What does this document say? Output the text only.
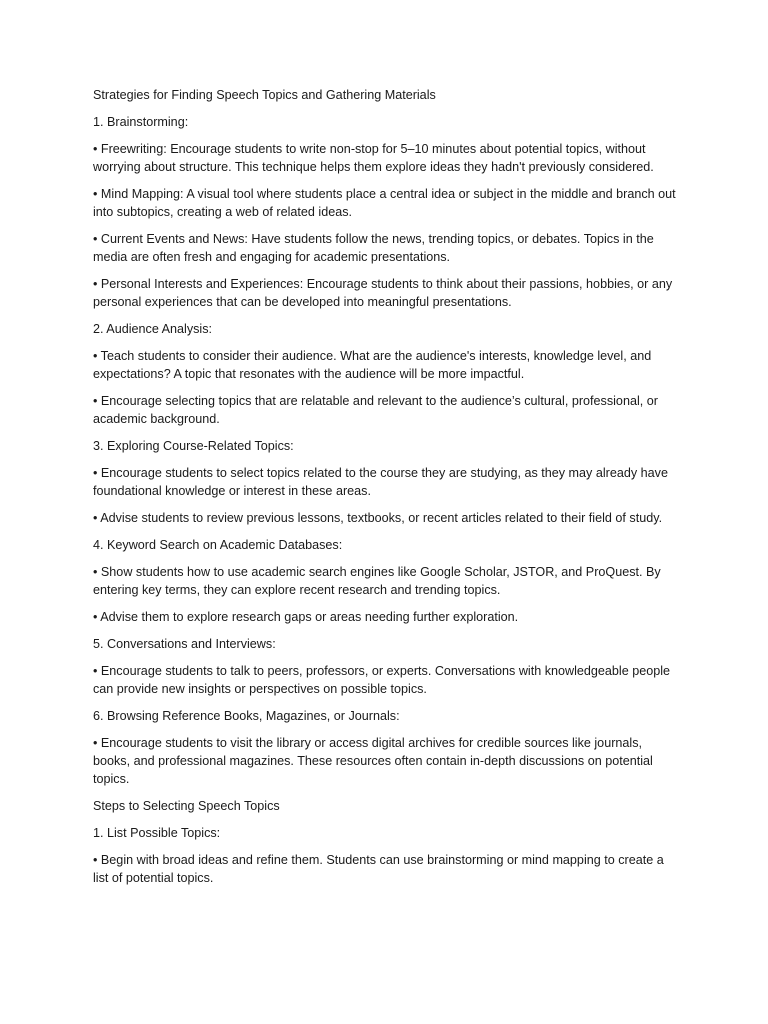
Strategies for Finding Speech Topics and Gathering Materials

1. Brainstorming:

• Freewriting: Encourage students to write non-stop for 5–10 minutes about potential topics, without worrying about structure. This technique helps them explore ideas they hadn't previously considered.

• Mind Mapping: A visual tool where students place a central idea or subject in the middle and branch out into subtopics, creating a web of related ideas.

• Current Events and News: Have students follow the news, trending topics, or debates. Topics in the media are often fresh and engaging for academic presentations.

• Personal Interests and Experiences: Encourage students to think about their passions, hobbies, or any personal experiences that can be developed into meaningful presentations.

2. Audience Analysis:

• Teach students to consider their audience. What are the audience's interests, knowledge level, and expectations? A topic that resonates with the audience will be more impactful.

• Encourage selecting topics that are relatable and relevant to the audience’s cultural, professional, or academic background.

3. Exploring Course-Related Topics:

• Encourage students to select topics related to the course they are studying, as they may already have foundational knowledge or interest in these areas.

• Advise students to review previous lessons, textbooks, or recent articles related to their field of study.

4. Keyword Search on Academic Databases:

• Show students how to use academic search engines like Google Scholar, JSTOR, and ProQuest. By entering key terms, they can explore recent research and trending topics.

• Advise them to explore research gaps or areas needing further exploration.

5. Conversations and Interviews:

• Encourage students to talk to peers, professors, or experts. Conversations with knowledgeable people can provide new insights or perspectives on possible topics.

6. Browsing Reference Books, Magazines, or Journals:

• Encourage students to visit the library or access digital archives for credible sources like journals, books, and professional magazines. These resources often contain in-depth discussions on potential topics.

Steps to Selecting Speech Topics

1. List Possible Topics:

• Begin with broad ideas and refine them. Students can use brainstorming or mind mapping to create a list of potential topics.
